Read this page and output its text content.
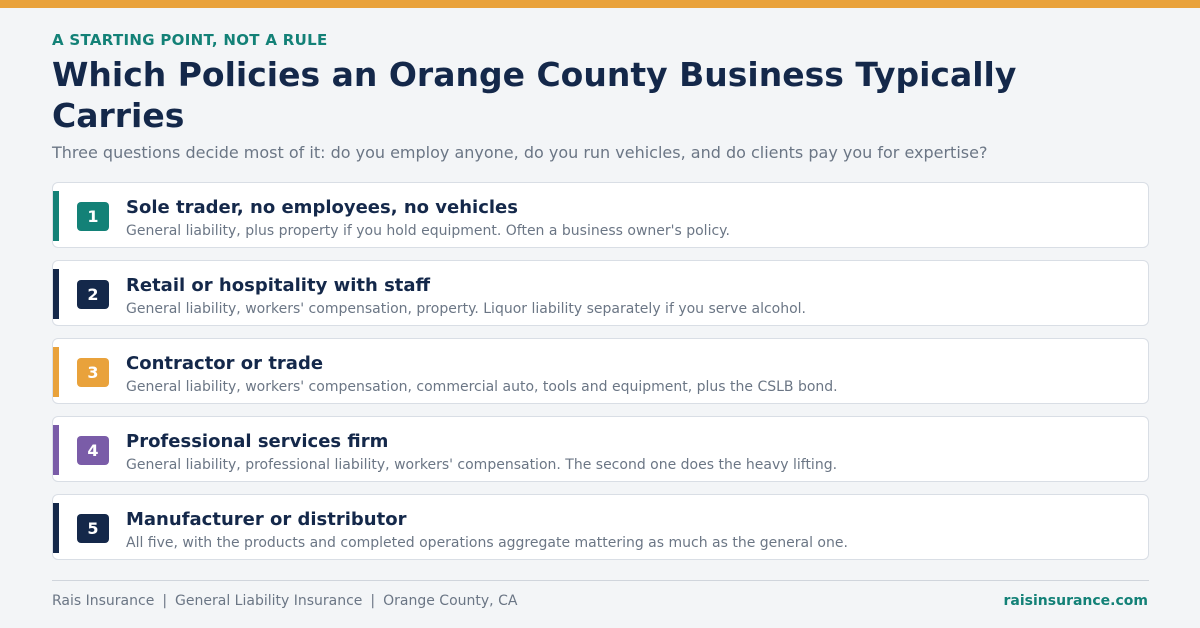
A STARTING POINT, NOT A RULE
Which Policies an Orange County Business Typically Carries
Three questions decide most of it: do you employ anyone, do you run vehicles, and do clients pay you for expertise?
1	Sole trader, no employees, no vehicles
General liability, plus property if you hold equipment. Often a business owner's policy.
2	Retail or hospitality with staff
General liability, workers' compensation, property. Liquor liability separately if you serve alcohol.
3	Contractor or trade
General liability, workers' compensation, commercial auto, tools and equipment, plus the CSLB bond.
4	Professional services firm
General liability, professional liability, workers' compensation. The second one does the heavy lifting.
5	Manufacturer or distributor
All five, with the products and completed operations aggregate mattering as much as the general one.
Rais Insurance | General Liability Insurance | Orange County, CA	raisinsurance.com
